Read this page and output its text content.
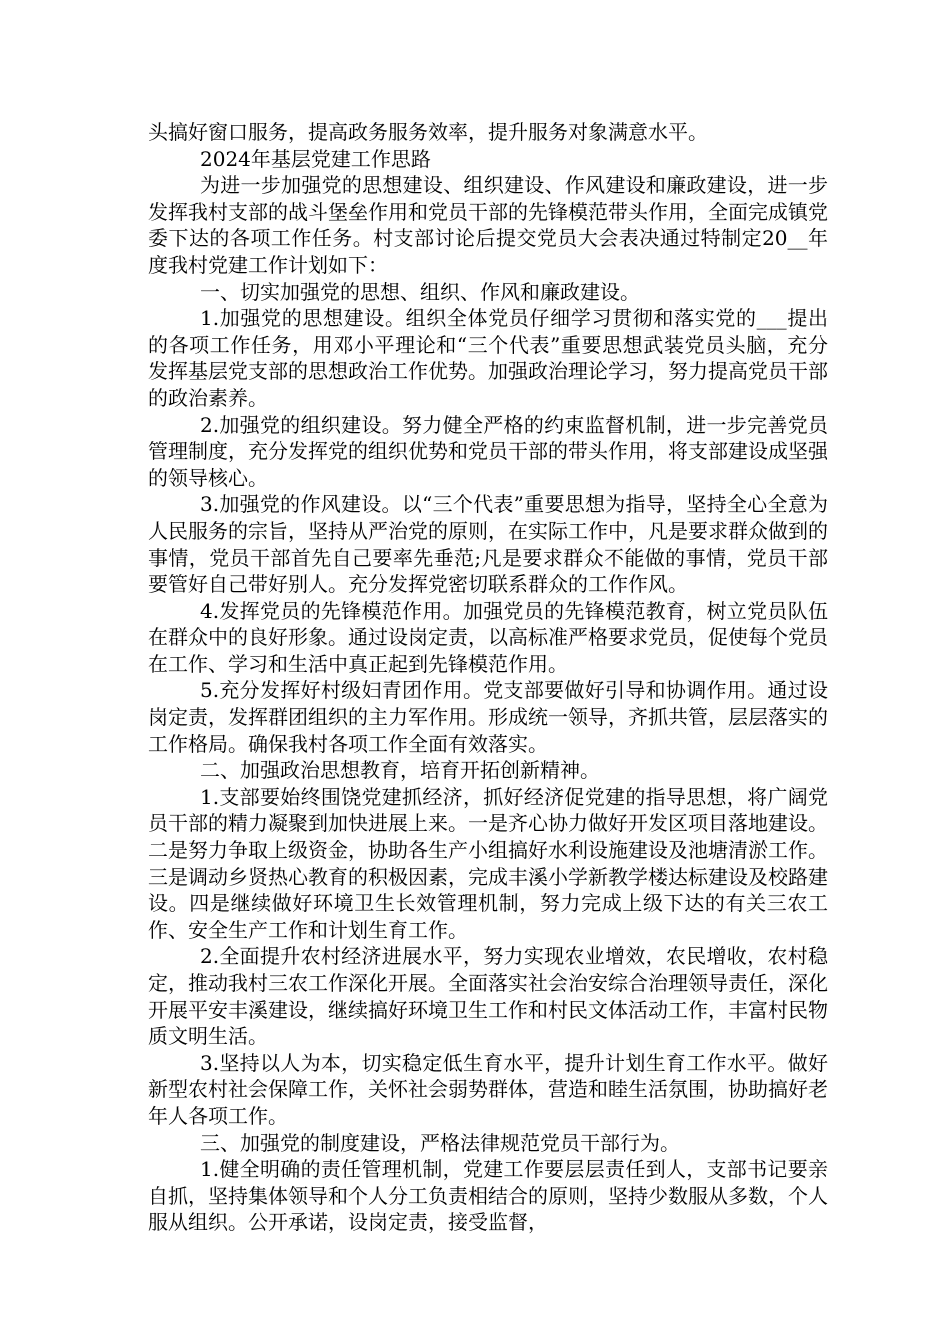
头搞好窗口服务，提高政务服务效率，提升服务对象满意水平。

2024年基层党建工作思路

为进一步加强党的思想建设、组织建设、作风建设和廉政建设，进一步发挥我村支部的战斗堡垒作用和党员干部的先锋模范带头作用，全面完成镇党委下达的各项工作任务。村支部讨论后提交党员大会表决通过特制定20__年度我村党建工作计划如下：

一、切实加强党的思想、组织、作风和廉政建设。

1.加强党的思想建设。组织全体党员仔细学习贯彻和落实党的___提出的各项工作任务，用邓小平理论和“三个代表”重要思想武装党员头脑，充分发挥基层党支部的思想政治工作优势。加强政治理论学习，努力提高党员干部的政治素养。

2.加强党的组织建设。努力健全严格的约束监督机制，进一步完善党员管理制度，充分发挥党的组织优势和党员干部的带头作用，将支部建设成坚强的领导核心。

3.加强党的作风建设。以“三个代表”重要思想为指导，坚持全心全意为人民服务的宗旨，坚持从严治党的原则，在实际工作中，凡是要求群众做到的事情，党员干部首先自己要率先垂范;凡是要求群众不能做的事情，党员干部要管好自己带好别人。充分发挥党密切联系群众的工作作风。

4.发挥党员的先锋模范作用。加强党员的先锋模范教育，树立党员队伍在群众中的良好形象。通过设岗定责，以高标准严格要求党员，促使每个党员在工作、学习和生活中真正起到先锋模范作用。

5.充分发挥好村级妇青团作用。党支部要做好引导和协调作用。通过设岗定责，发挥群团组织的主力军作用。形成统一领导，齐抓共管，层层落实的工作格局。确保我村各项工作全面有效落实。

二、加强政治思想教育，培育开拓创新精神。

1.支部要始终围饶党建抓经济，抓好经济促党建的指导思想，将广阔党员干部的精力凝聚到加快进展上来。一是齐心协力做好开发区项目落地建设。二是努力争取上级资金，协助各生产小组搞好水利设施建设及池塘清淤工作。三是调动乡贤热心教育的积极因素，完成丰溪小学新教学楼达标建设及校路建设。四是继续做好环境卫生长效管理机制，努力完成上级下达的有关三农工作、安全生产工作和计划生育工作。

2.全面提升农村经济进展水平，努力实现农业增效，农民增收，农村稳定，推动我村三农工作深化开展。全面落实社会治安综合治理领导责任，深化开展平安丰溪建设，继续搞好环境卫生工作和村民文体活动工作，丰富村民物质文明生活。

3.坚持以人为本，切实稳定低生育水平，提升计划生育工作水平。做好新型农村社会保障工作，关怀社会弱势群体，营造和睦生活氛围，协助搞好老年人各项工作。

三、加强党的制度建设，严格法律规范党员干部行为。

1.健全明确的责任管理机制，党建工作要层层责任到人，支部书记要亲自抓，坚持集体领导和个人分工负责相结合的原则，坚持少数服从多数，个人服从组织。公开承诺，设岗定责，接受监督，
